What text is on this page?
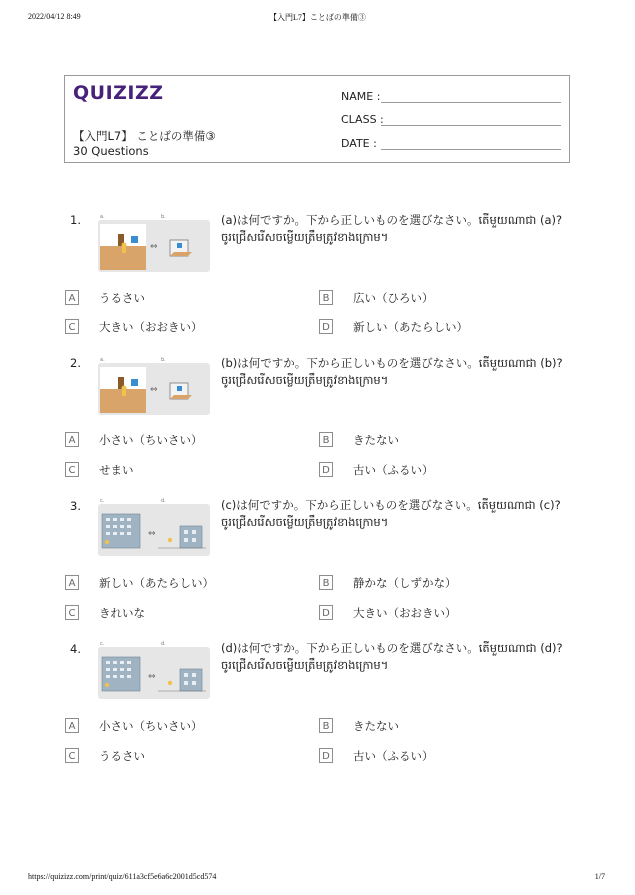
2022/04/12 8:49	【入門L7】ことばの準備③
QUIZIZZ
【入門L7】 ことばの準備③
30 Questions
NAME :
CLASS :
DATE :
1.	a.	b.
⇔
(a)は何ですか。下から正しいものを選びなさい。តើមួយណាជា (a)? ចូរជ្រើសរើសចម្លើយត្រឹមត្រូវខាងក្រោម។
A	うるさい	B	広い（ひろい）
C	大きい（おおきい）	D 新しい（あたらしい）
2.	a.	b.
⇔
(b)は何ですか。下から正しいものを選びなさい。តើមួយណាជា (b)? ចូរជ្រើសរើសចម្លើយត្រឹមត្រូវខាងក្រោម។
A	小さい（ちいさい）	B	きたない
C	せまい	D 古い（ふるい）
3.	c.	d.
⇔
(c)は何ですか。下から正しいものを選びなさい。តើមួយណាជា (c)? ចូរជ្រើសរើសចម្លើយត្រឹមត្រូវខាងក្រោម។
A	新しい（あたらしい）	B	静かな（しずかな）
C	きれいな	D 大きい（おおきい）
4.	c.	d.
⇔
(d)は何ですか。下から正しいものを選びなさい。តើមួយណាជា (d)? ចូរជ្រើសរើសចម្លើយត្រឹមត្រូវខាងក្រោម។
A	小さい（ちいさい）	B	きたない
C	うるさい	D 古い（ふるい）
https://quizizz.com/print/quiz/611a3cf5e6a6c2001d5cd574	1/7
